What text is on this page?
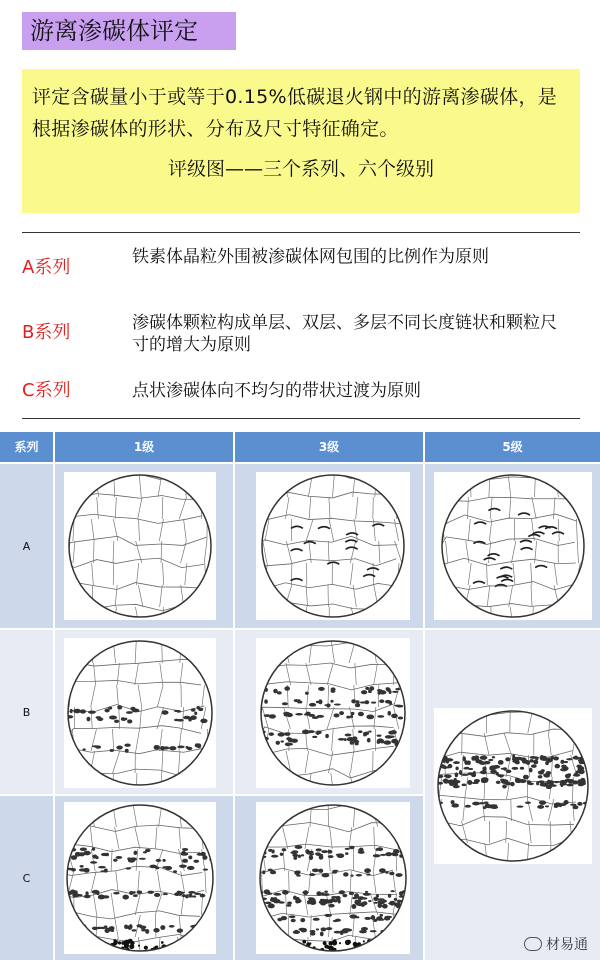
游离渗碳体评定

评定含碳量小于或等于0.15%低碳退火钢中的游离渗碳体，是根据渗碳体的形状、分布及尺寸特征确定。

评级图——三个系列、六个级别
A系列	铁素体晶粒外围被渗碳体网包围的比例作为原则
B系列	渗碳体颗粒构成单层、双层、多层不同长度链状和颗粒尺寸的增大为原则
C系列	点状渗碳体向不均匀的带状过渡为原则
系列	1级	3级	5级
A
B
C
材易通
